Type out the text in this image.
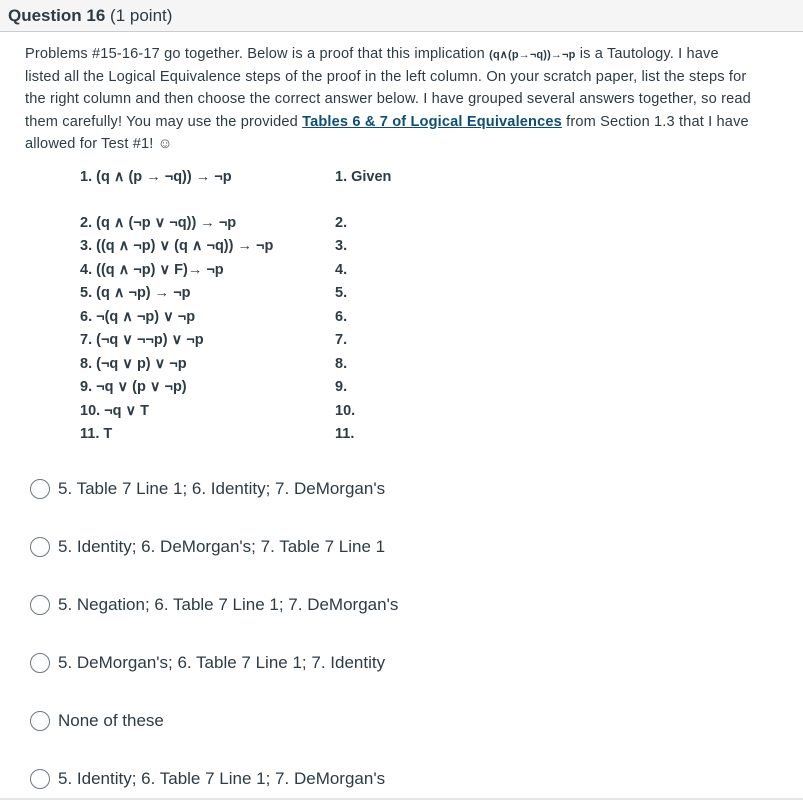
Question 16 (1 point)
Problems #15-16-17 go together. Below is a proof that this implication (q∧(p→¬q))→¬p is a Tautology. I have listed all the Logical Equivalence steps of the proof in the left column. On your scratch paper, list the steps for the right column and then choose the correct answer below. I have grouped several answers together, so read them carefully! You may use the provided Tables 6 & 7 of Logical Equivalences from Section 1.3 that I have allowed for Test #1! ☺
1. (q ∧ (p → ¬q)) → ¬p	1. Given
2. (q ∧ (¬p ∨ ¬q)) → ¬p	2.
3. ((q ∧ ¬p) ∨ (q ∧ ¬q)) → ¬p	3.
4. ((q ∧ ¬p) ∨ F)→ ¬p	4.
5. (q ∧ ¬p) → ¬p	5.
6. ¬(q ∧ ¬p) ∨ ¬p	6.
7. (¬q ∨ ¬¬p) ∨ ¬p	7.
8. (¬q ∨ p) ∨ ¬p	8.
9. ¬q ∨ (p ∨ ¬p)	9.
10. ¬q ∨ T	10.
11. T	11.
5. Table 7 Line 1; 6. Identity; 7. DeMorgan's
5. Identity; 6. DeMorgan's; 7. Table 7 Line 1
5. Negation; 6. Table 7 Line 1; 7. DeMorgan's
5. DeMorgan's; 6. Table 7 Line 1; 7. Identity
None of these
5. Identity; 6. Table 7 Line 1; 7. DeMorgan's
